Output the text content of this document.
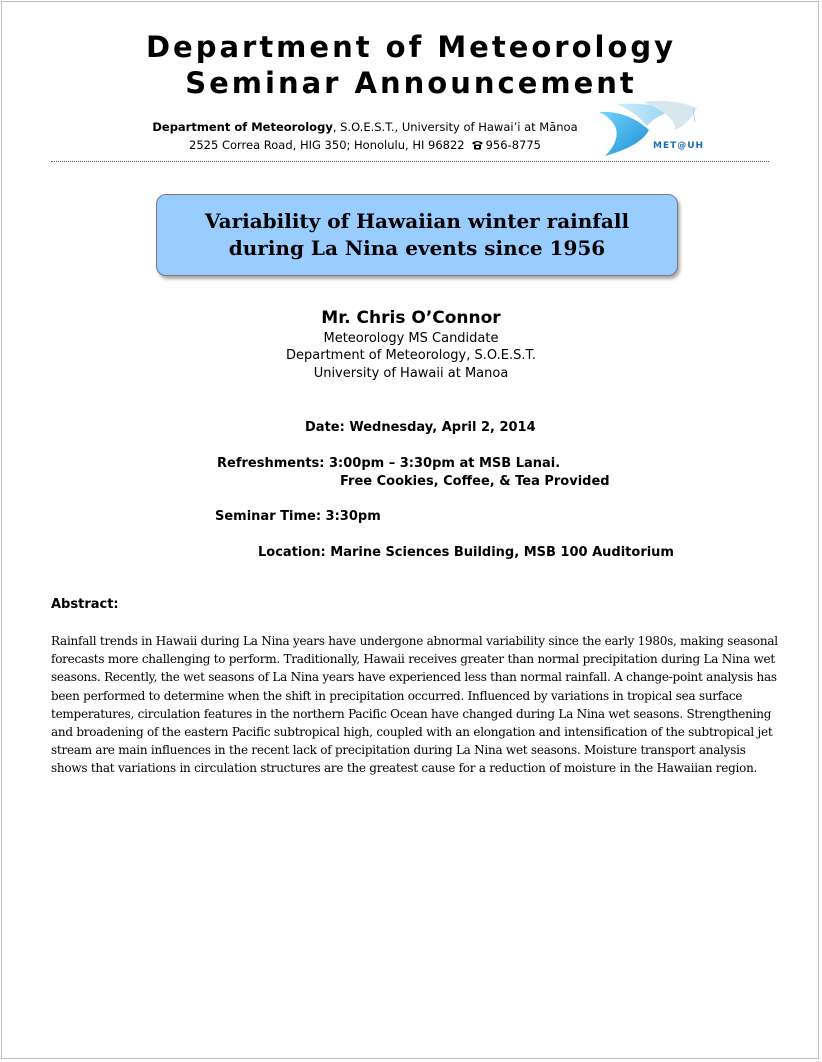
Department of Meteorology
Seminar Announcement
Department of Meteorology, S.O.E.S.T., University of Hawai’i at Mānoa
2525 Correa Road, HIG 350; Honolulu, HI 96822 956-8775	MET@UH
Variability of Hawaiian winter rainfall
during La Nina events since 1956
Mr. Chris O’Connor
Meteorology MS Candidate
Department of Meteorology, S.O.E.S.T.
University of Hawaii at Manoa
Date: Wednesday, April 2, 2014
Refreshments: 3:00pm – 3:30pm at MSB Lanai.
Free Cookies, Coffee, & Tea Provided
Seminar Time: 3:30pm
Location: Marine Sciences Building, MSB 100 Auditorium
Abstract:
Rainfall trends in Hawaii during La Nina years have undergone abnormal variability since the early 1980s, making seasonal forecasts more challenging to perform. Traditionally, Hawaii receives greater than normal precipitation during La Nina wet seasons. Recently, the wet seasons of La Nina years have experienced less than normal rainfall. A change-point analysis has been performed to determine when the shift in precipitation occurred. Influenced by variations in tropical sea surface temperatures, circulation features in the northern Pacific Ocean have changed during La Nina wet seasons. Strengthening and broadening of the eastern Pacific subtropical high, coupled with an elongation and intensification of the subtropical jet stream are main influences in the recent lack of precipitation during La Nina wet seasons. Moisture transport analysis shows that variations in circulation structures are the greatest cause for a reduction of moisture in the Hawaiian region.
